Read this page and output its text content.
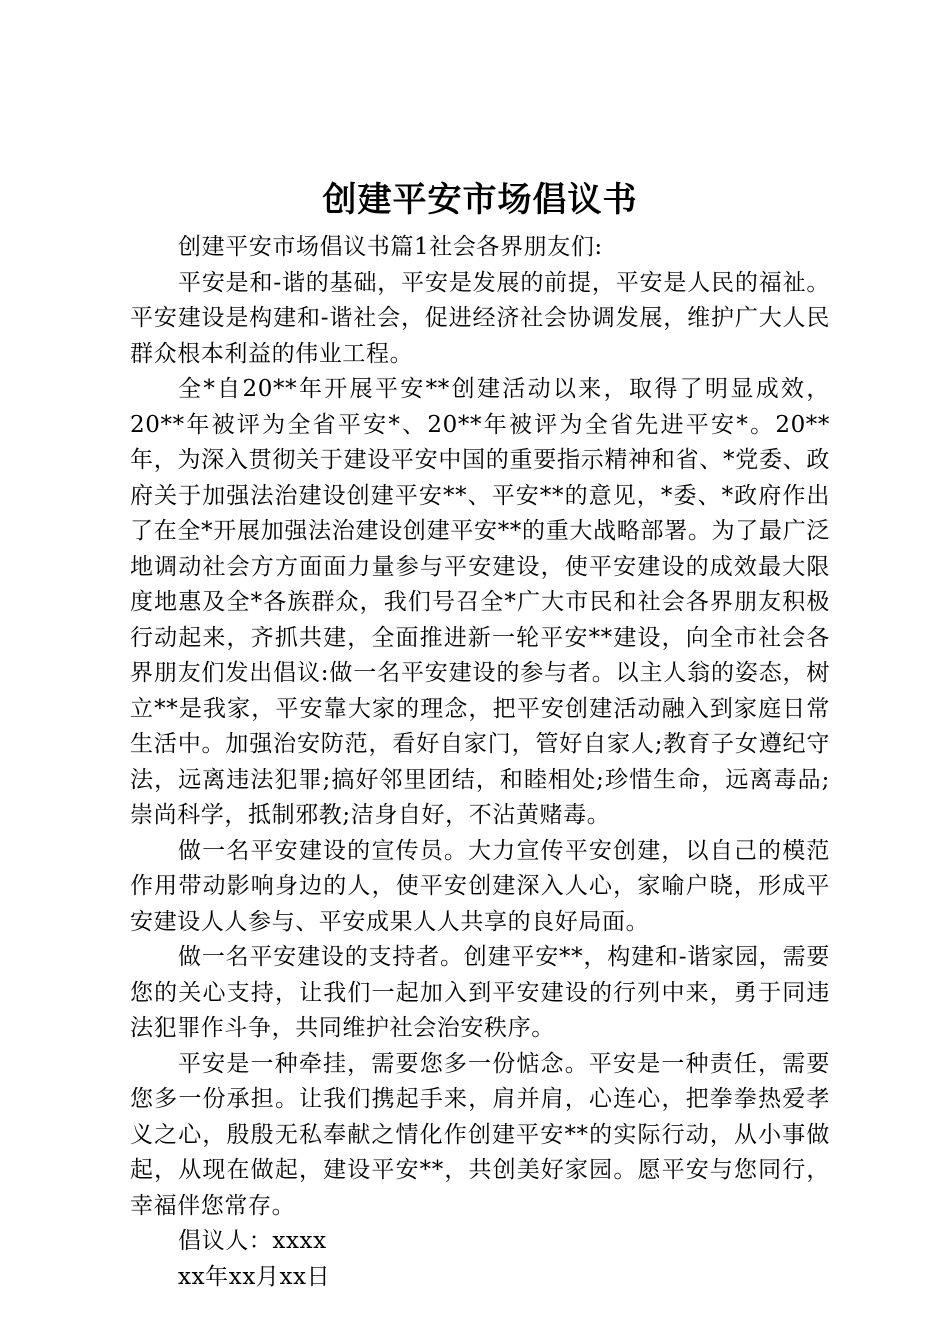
创建平安市场倡议书

创建平安市场倡议书篇1社会各界朋友们:

平安是和-谐的基础，平安是发展的前提，平安是人民的福祉。平安建设是构建和-谐社会，促进经济社会协调发展，维护广大人民群众根本利益的伟业工程。

全*自20**年开展平安**创建活动以来，取得了明显成效，20**年被评为全省平安*、20**年被评为全省先进平安*。20**年，为深入贯彻关于建设平安中国的重要指示精神和省、*党委、政府关于加强法治建设创建平安**、平安**的意见，*委、*政府作出了在全*开展加强法治建设创建平安**的重大战略部署。为了最广泛地调动社会方方面面力量参与平安建设，使平安建设的成效最大限度地惠及全*各族群众，我们号召全*广大市民和社会各界朋友积极行动起来，齐抓共建，全面推进新一轮平安**建设，向全市社会各界朋友们发出倡议:做一名平安建设的参与者。以主人翁的姿态，树立**是我家，平安靠大家的理念，把平安创建活动融入到家庭日常生活中。加强治安防范，看好自家门，管好自家人;教育子女遵纪守法，远离违法犯罪;搞好邻里团结，和睦相处;珍惜生命，远离毒品;崇尚科学，抵制邪教;洁身自好，不沾黄赌毒。

做一名平安建设的宣传员。大力宣传平安创建，以自己的模范作用带动影响身边的人，使平安创建深入人心，家喻户晓，形成平安建设人人参与、平安成果人人共享的良好局面。

做一名平安建设的支持者。创建平安**，构建和-谐家园，需要您的关心支持，让我们一起加入到平安建设的行列中来，勇于同违法犯罪作斗争，共同维护社会治安秩序。

平安是一种牵挂，需要您多一份惦念。平安是一种责任，需要您多一份承担。让我们携起手来，肩并肩，心连心，把拳拳热爱孝义之心，殷殷无私奉献之情化作创建平安**的实际行动，从小事做起，从现在做起，建设平安**，共创美好家园。愿平安与您同行，幸福伴您常存。

倡议人：xxxx

xx年xx月xx日
